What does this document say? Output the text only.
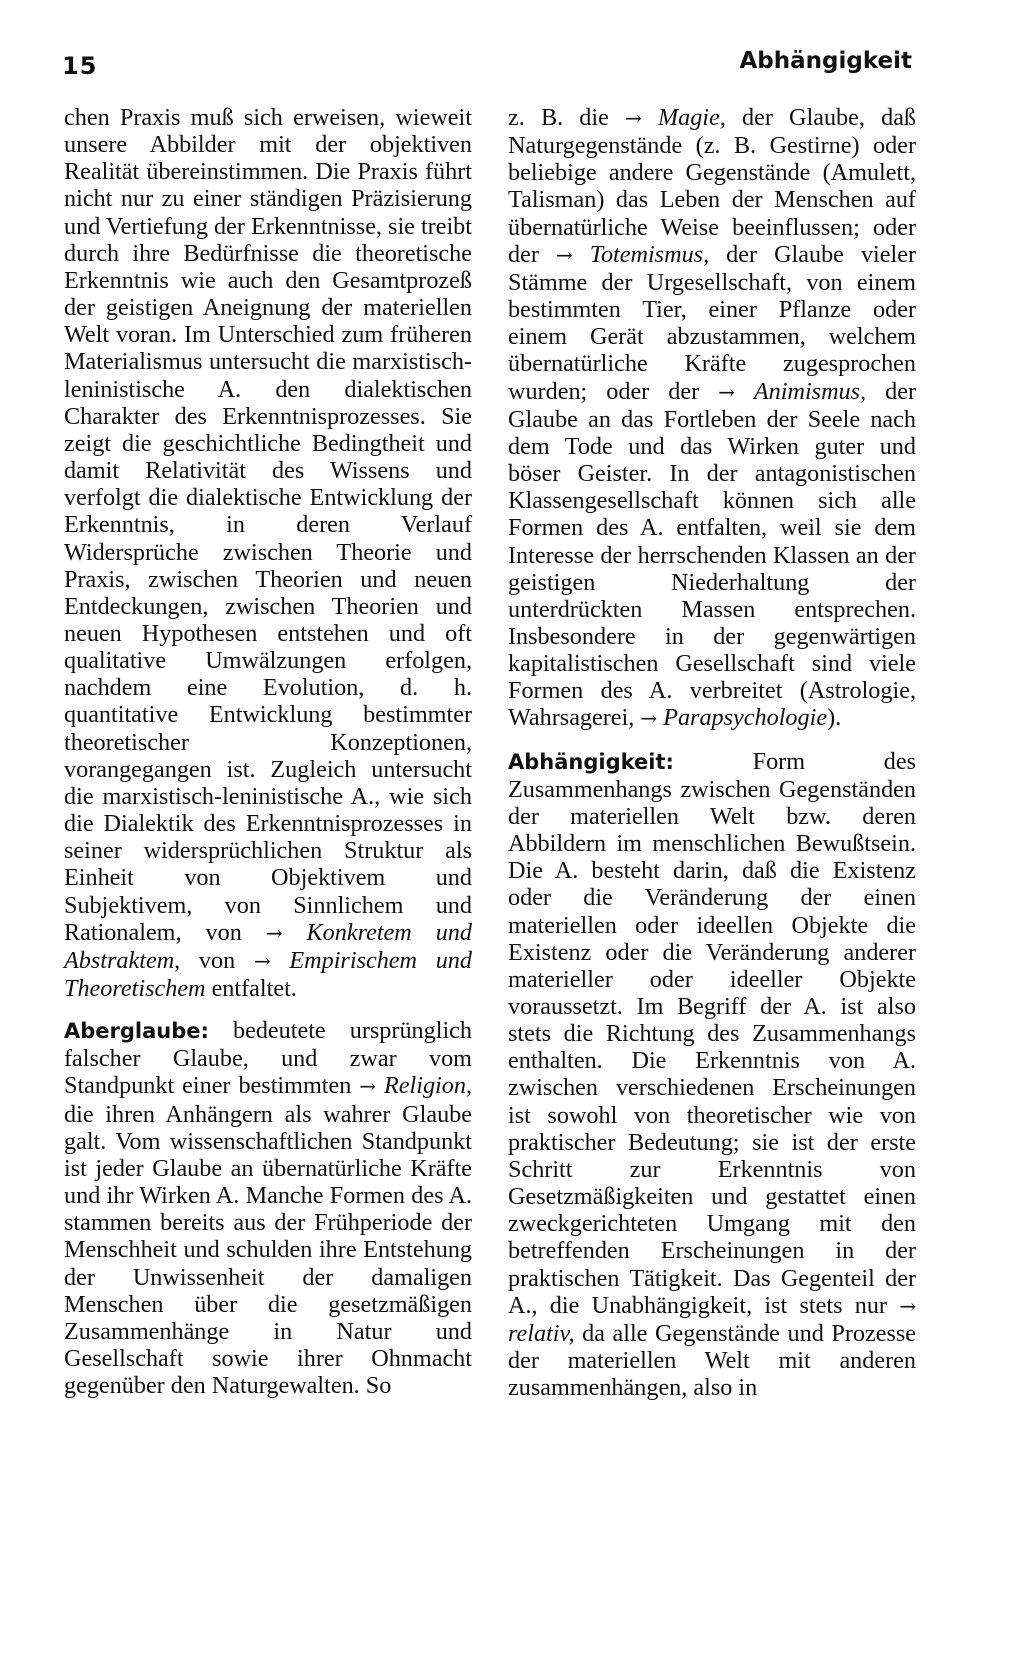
15	Abhängigkeit

chen Praxis muß sich erweisen, wieweit unsere Abbilder mit der objektiven Realität übereinstimmen. Die Praxis führt nicht nur zu einer ständigen Präzisierung und Vertiefung der Erkenntnisse, sie treibt durch ihre Bedürfnisse die theoretische Erkenntnis wie auch den Gesamtprozeß der geistigen Aneignung der materiellen Welt voran. Im Unterschied zum früheren Materialismus untersucht die marxistisch-leninistische A. den dialektischen Charakter des Erkenntnisprozesses. Sie zeigt die geschichtliche Bedingtheit und damit Relativität des Wissens und verfolgt die dialektische Entwicklung der Erkenntnis, in deren Verlauf Widersprüche zwischen Theorie und Praxis, zwischen Theorien und neuen Entdeckungen, zwischen Theorien und neuen Hypothesen entstehen und oft qualitative Umwälzungen erfolgen, nachdem eine Evolution, d. h. quantitative Entwicklung bestimmter theoretischer Konzeptionen, vorangegangen ist. Zugleich untersucht die marxistisch-leninistische A., wie sich die Dialektik des Erkenntnisprozesses in seiner widersprüchlichen Struktur als Einheit von Objektivem und Subjektivem, von Sinnlichem und Rationalem, von → Konkretem und Abstraktem, von → Empirischem und Theoretischem entfaltet.

Aberglaube: bedeutete ursprünglich falscher Glaube, und zwar vom Standpunkt einer bestimmten → Religion, die ihren Anhängern als wahrer Glaube galt. Vom wissenschaftlichen Standpunkt ist jeder Glaube an übernatürliche Kräfte und ihr Wirken A. Manche Formen des A. stammen bereits aus der Frühperiode der Menschheit und schulden ihre Entstehung der Unwissenheit der damaligen Menschen über die gesetzmäßigen Zusammenhänge in Natur und Gesellschaft sowie ihrer Ohnmacht gegenüber den Naturgewalten. So

z. B. die → Magie, der Glaube, daß Naturgegenstände (z. B. Gestirne) oder beliebige andere Gegenstände (Amulett, Talisman) das Leben der Menschen auf übernatürliche Weise beeinflussen; oder der → Totemismus, der Glaube vieler Stämme der Urgesellschaft, von einem bestimmten Tier, einer Pflanze oder einem Gerät abzustammen, welchem übernatürliche Kräfte zugesprochen wurden; oder der → Animismus, der Glaube an das Fortleben der Seele nach dem Tode und das Wirken guter und böser Geister. In der antagonistischen Klassengesellschaft können sich alle Formen des A. entfalten, weil sie dem Interesse der herrschenden Klassen an der geistigen Niederhaltung der unterdrückten Massen entsprechen. Insbesondere in der gegenwärtigen kapitalistischen Gesellschaft sind viele Formen des A. verbreitet (Astrologie, Wahrsagerei, → Parapsychologie).

Abhängigkeit:	Form des Zusammenhangs zwischen Gegenständen der materiellen Welt bzw. deren Abbildern im menschlichen Bewußtsein. Die A. besteht darin, daß die Existenz oder die Veränderung der einen materiellen oder ideellen Objekte die Existenz oder die Veränderung anderer materieller oder ideeller Objekte voraussetzt. Im Begriff der A. ist also stets die Richtung des Zusammenhangs enthalten. Die Erkenntnis von A. zwischen verschiedenen Erscheinungen ist sowohl von theoretischer wie von praktischer Bedeutung; sie ist der erste Schritt zur Erkenntnis von Gesetzmäßigkeiten und gestattet einen zweckgerichteten Umgang mit den betreffenden Erscheinungen in der praktischen Tätigkeit. Das Gegenteil der A., die Unabhängigkeit, ist stets nur → relativ, da alle Gegenstände und Prozesse der materiellen Welt mit anderen zusammenhängen, also in
